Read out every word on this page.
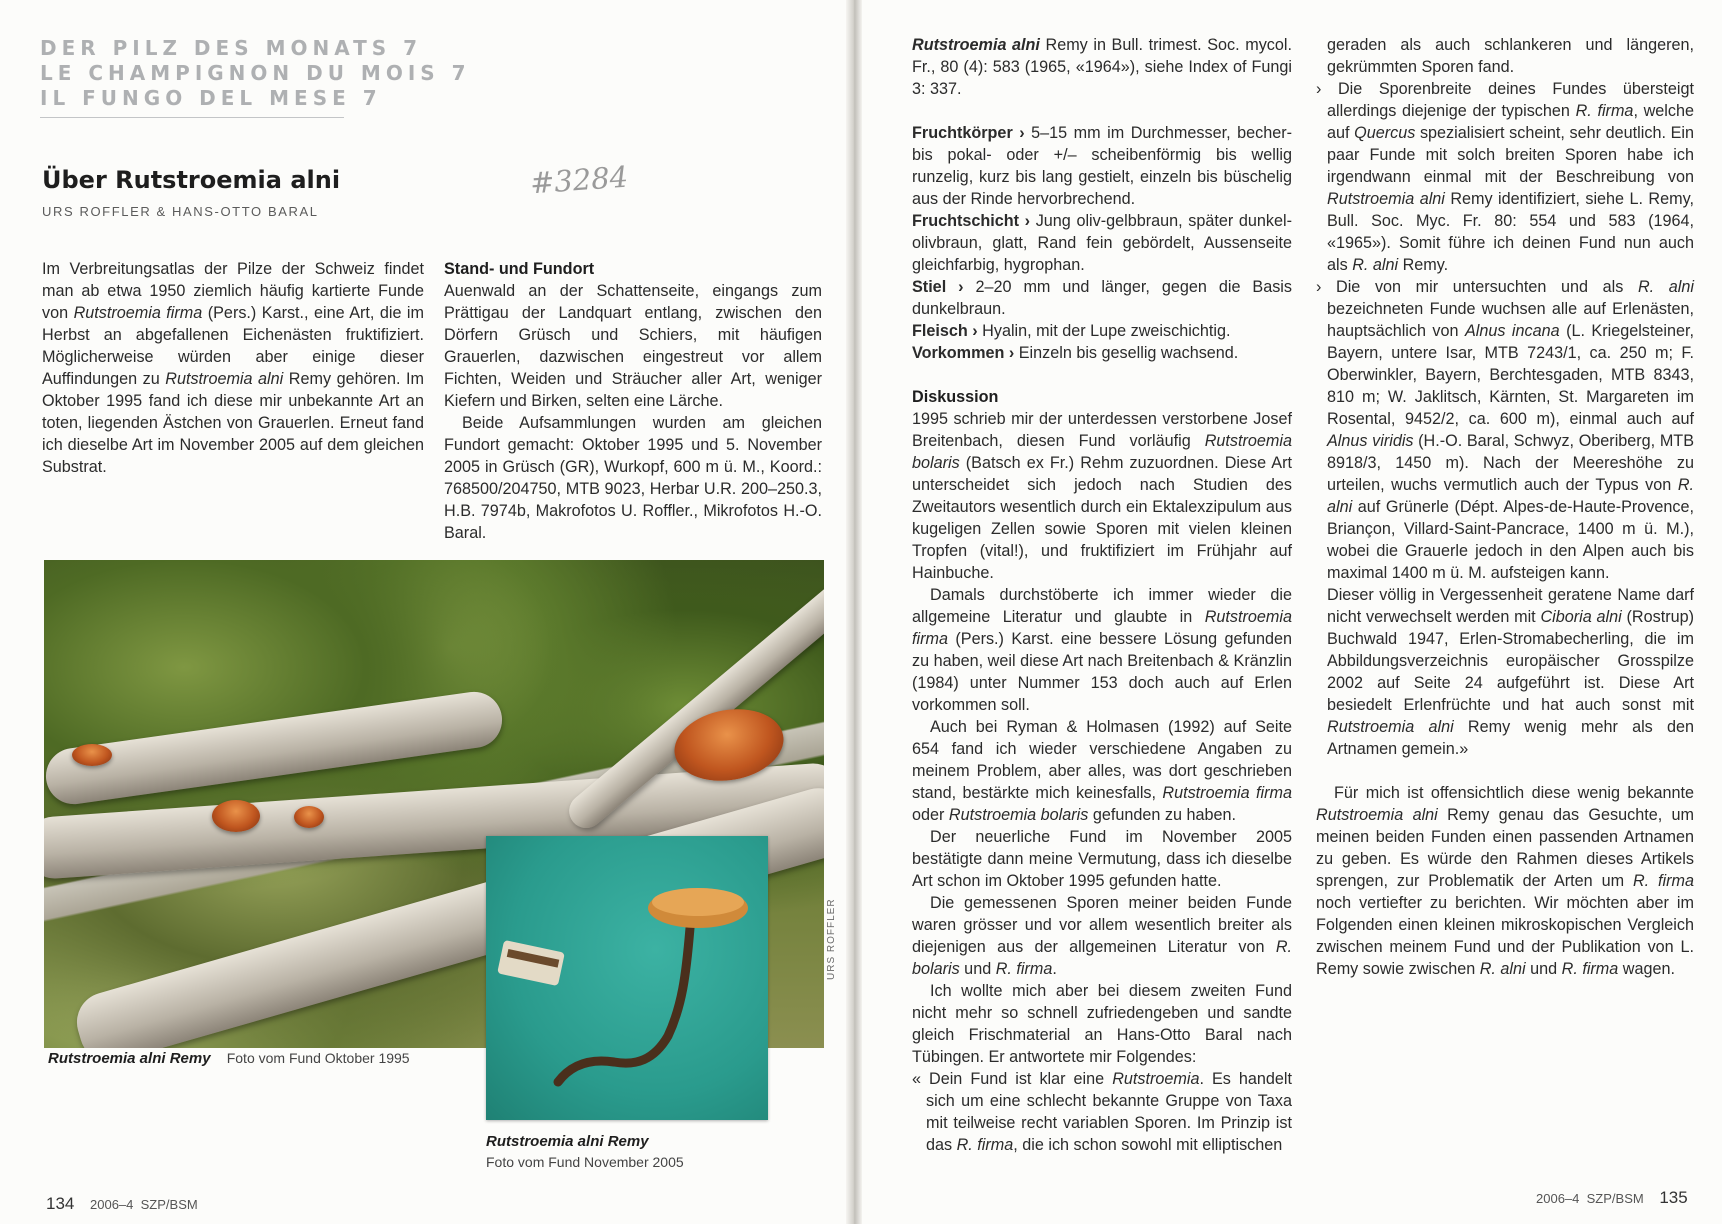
DER PILZ DES MONATS 7
LE CHAMPIGNON DU MOIS 7
IL FUNGO DEL MESE 7
Über Rutstroemia alni
URS ROFFLER & HANS-OTTO BARAL
#3284

Im Verbreitungsatlas der Pilze der Schweiz findet man ab etwa 1950 ziemlich häufig kartierte Funde von Rutstroemia firma (Pers.) Karst., eine Art, die im Herbst an abgefallenen Eichenästen fruktifiziert. Möglicherweise würden aber einige dieser Auffindungen zu Rutstroemia alni Remy gehören. Im Oktober 1995 fand ich diese mir unbekannte Art an toten, liegenden Ästchen von Grauerlen. Erneut fand ich dieselbe Art im November 2005 auf dem gleichen Substrat.

Stand- und Fundort

Auenwald an der Schattenseite, eingangs zum Prättigau der Landquart entlang, zwischen den Dörfern Grüsch und Schiers, mit häufigen Grauerlen, dazwischen eingestreut vor allem Fichten, Weiden und Sträucher aller Art, weniger Kiefern und Birken, selten eine Lärche.

Beide Aufsammlungen wurden am gleichen Fundort gemacht: Oktober 1995 und 5. November 2005 in Grüsch (GR), Wurkopf, 600 m ü. M., Koord.: 768500/204750, MTB 9023, Herbar U.R. 200–250.3, H.B. 7974b, Makrofotos U. Roffler., Mikrofotos H.-O. Baral.

URS ROFFLER
Rutstroemia alni Remy Foto vom Fund Oktober 1995
Rutstroemia alni Remy
Foto vom Fund November 2005
134 2006–4 SZP/BSM

Rutstroemia alni Remy in Bull. trimest. Soc. mycol. Fr., 80 (4): 583 (1965, «1964»), siehe Index of Fungi 3: 337.

Fruchtkörper › 5–15 mm im Durchmesser, becher- bis pokal- oder +/– scheibenförmig bis wellig runzelig, kurz bis lang gestielt, einzeln bis büschelig aus der Rinde hervorbrechend.

Fruchtschicht › Jung oliv-gelbbraun, später dunkel-olivbraun, glatt, Rand fein gebördelt, Aussenseite gleichfarbig, hygrophan.

Stiel › 2–20 mm und länger, gegen die Basis dunkelbraun.

Fleisch › Hyalin, mit der Lupe zweischichtig.

Vorkommen › Einzeln bis gesellig wachsend.

Diskussion

1995 schrieb mir der unterdessen verstorbene Josef Breitenbach, diesen Fund vorläufig Rutstroemia bolaris (Batsch ex Fr.) Rehm zuzuordnen. Diese Art unterscheidet sich jedoch nach Studien des Zweitautors wesentlich durch ein Ektalexzipulum aus kugeligen Zellen sowie Sporen mit vielen kleinen Tropfen (vital!), und fruktifiziert im Frühjahr auf Hainbuche.

Damals durchstöberte ich immer wieder die allgemeine Literatur und glaubte in Rutstroemia firma (Pers.) Karst. eine bessere Lösung gefunden zu haben, weil diese Art nach Breitenbach & Kränzlin (1984) unter Nummer 153 doch auch auf Erlen vorkommen soll.

Auch bei Ryman & Holmasen (1992) auf Seite 654 fand ich wieder verschiedene Angaben zu meinem Problem, aber alles, was dort geschrieben stand, bestärkte mich keinesfalls, Rutstroemia firma oder Rutstroemia bolaris gefunden zu haben.

Der neuerliche Fund im November 2005 bestätigte dann meine Vermutung, dass ich dieselbe Art schon im Oktober 1995 gefunden hatte.

Die gemessenen Sporen meiner beiden Funde waren grösser und vor allem wesentlich breiter als diejenigen aus der allgemeinen Literatur von R. bolaris und R. firma.

Ich wollte mich aber bei diesem zweiten Fund nicht mehr so schnell zufriedengeben und sandte gleich Frischmaterial an Hans-Otto Baral nach Tübingen. Er antwortete mir Folgendes:

« Dein Fund ist klar eine Rutstroemia. Es handelt sich um eine schlecht bekannte Gruppe von Taxa mit teilweise recht variablen Sporen. Im Prinzip ist das R. firma, die ich schon sowohl mit elliptischen

geraden als auch schlankeren und längeren, gekrümmten Sporen fand.

› Die Sporenbreite deines Fundes übersteigt allerdings diejenige der typischen R. firma, welche auf Quercus spezialisiert scheint, sehr deutlich. Ein paar Funde mit solch breiten Sporen habe ich irgendwann einmal mit der Beschreibung von Rutstroemia alni Remy identifiziert, siehe L. Remy, Bull. Soc. Myc. Fr. 80: 554 und 583 (1964, «1965»). Somit führe ich deinen Fund nun auch als R. alni Remy.

› Die von mir untersuchten und als R. alni bezeichneten Funde wuchsen alle auf Erlenästen, hauptsächlich von Alnus incana (L. Kriegelsteiner, Bayern, untere Isar, MTB 7243/1, ca. 250 m; F. Oberwinkler, Bayern, Berchtesgaden, MTB 8343, 810 m; W. Jaklitsch, Kärnten, St. Margareten im Rosental, 9452/2, ca. 600 m), einmal auch auf Alnus viridis (H.-O. Baral, Schwyz, Oberiberg, MTB 8918/3, 1450 m). Nach der Meereshöhe zu urteilen, wuchs vermutlich auch der Typus von R. alni auf Grünerle (Dépt. Alpes-de-Haute-Provence, Briançon, Villard-Saint-Pancrace, 1400 m ü. M.), wobei die Grauerle jedoch in den Alpen auch bis maximal 1400 m ü. M. aufsteigen kann.

Dieser völlig in Vergessenheit geratene Name darf nicht verwechselt werden mit Ciboria alni (Rostrup) Buchwald 1947, Erlen-Stromabecherling, die im Abbildungsverzeichnis europäischer Grosspilze 2002 auf Seite 24 aufgeführt ist. Diese Art besiedelt Erlenfrüchte und hat auch sonst mit Rutstroemia alni Remy wenig mehr als den Artnamen gemein.»

Für mich ist offensichtlich diese wenig bekannte Rutstroemia alni Remy genau das Gesuchte, um meinen beiden Funden einen passenden Artnamen zu geben. Es würde den Rahmen dieses Artikels sprengen, zur Problematik der Arten um R. firma noch vertiefter zu berichten. Wir möchten aber im Folgenden einen kleinen mikroskopischen Vergleich zwischen meinem Fund und der Publikation von L. Remy sowie zwischen R. alni und R. firma wagen.

2006–4 SZP/BSM 135
